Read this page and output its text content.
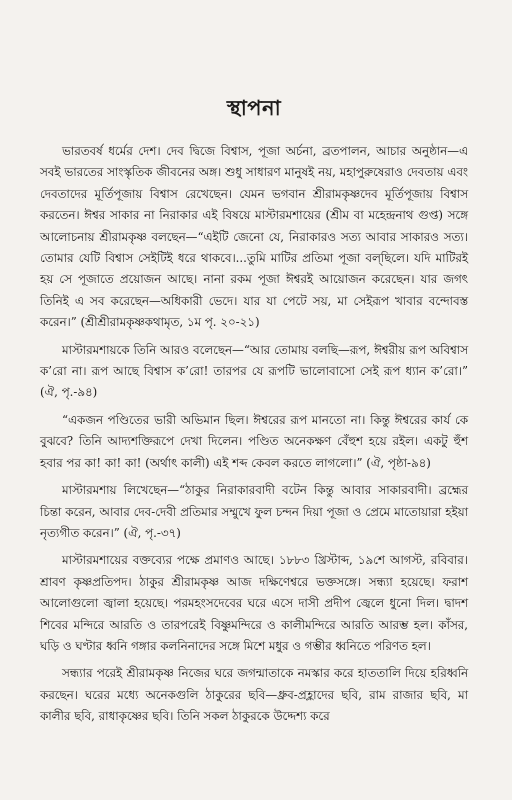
স্থাপনা

ভারতবর্ষ ধর্মের দেশ। দেব দ্বিজে বিশ্বাস, পূজা অর্চনা, ব্রতপালন, আচার অনুষ্ঠান—এ সবই ভারতের সাংস্কৃতিক জীবনের অঙ্গ। শুধু সাধারণ মানুষই নয়, মহাপুরুষেরাও দেবতায় এবং দেবতাদের মূর্তিপূজায় বিশ্বাস রেখেছেন। যেমন ভগবান শ্রীরামকৃষ্ণদেব মূর্তিপূজায় বিশ্বাস করতেন। ঈশ্বর সাকার না নিরাকার এই বিষয়ে মাস্টারমশায়ের (শ্রীম বা মহেন্দ্রনাথ গুপ্ত) সঙ্গে আলোচনায় শ্রীরামকৃষ্ণ বলছেন—“এইটি জেনো যে, নিরাকারও সত্য আবার সাকারও সত্য। তোমার যেটি বিশ্বাস সেইটিই ধরে থাকবে।...তুমি মাটির প্রতিমা পূজা বল্‌ছিলে। যদি মাটিরই হয় সে পূজাতে প্রয়োজন আছে। নানা রকম পূজা ঈশ্বরই আয়োজন করেছেন। যার জগৎ তিনিই এ সব করেছেন—অধিকারী ভেদে। যার যা পেটে সয়, মা সেইরূপ খাবার বন্দোবস্ত করেন।” (শ্রীশ্রীরামকৃষ্ণকথামৃত, ১ম পৃ. ২০-২১)

মাস্টারমশায়কে তিনি আরও বলেছেন—“আর তোমায় বলছি—রূপ, ঈশ্বরীয় রূপ অবিশ্বাস ক’রো না। রূপ আছে বিশ্বাস ক’রো! তারপর যে রূপটি ভালোবাসো সেই রূপ ধ্যান ক’রো।” (ঐ, পৃ.-৯৪)

“একজন পণ্ডিতের ভারী অভিমান ছিল। ঈশ্বরের রূপ মানতো না। কিন্তু ঈশ্বরের কার্য কে বুঝবে? তিনি আদ্যশক্তিরূপে দেখা দিলেন। পণ্ডিত অনেকক্ষণ বেঁহুশ হয়ে রইল। একটু হুঁশ হবার পর কা! কা! কা! (অর্থাৎ কালী) এই শব্দ কেবল করতে লাগলো।” (ঐ, পৃষ্ঠা-৯৪)

মাস্টারমশায় লিখেছেন—“ঠাকুর নিরাকারবাদী বটেন কিন্তু আবার সাকারবাদী। ব্রহ্মের চিন্তা করেন, আবার দেব-দেবী প্রতিমার সম্মুখে ফুল চন্দন দিয়া পূজা ও প্রেমে মাতোয়ারা হইয়া নৃত্যগীত করেন।” (ঐ, পৃ.-৩৭)

মাস্টারমশায়ের বক্তব্যের পক্ষে প্রমাণও আছে। ১৮৮৩ খ্রিস্টাব্দ, ১৯শে আগস্ট, রবিবার। শ্রাবণ কৃষ্ণপ্রতিপদ। ঠাকুর শ্রীরামকৃষ্ণ আজ দক্ষিণেশ্বরে ভক্তসঙ্গে। সন্ধ্যা হয়েছে। ফরাশ আলোগুলো জ্বালা হয়েছে। পরমহংসদেবের ঘরে এসে দাসী প্রদীপ জ্বেলে ধুনো দিল। দ্বাদশ শিবের মন্দিরে আরতি ও তারপরেই বিষ্ণুমন্দিরে ও কালীমন্দিরে আরতি আরম্ভ হল। কাঁসর, ঘড়ি ও ঘণ্টার ধ্বনি গঙ্গার কলনিনাদের সঙ্গে মিশে মধুর ও গম্ভীর ধ্বনিতে পরিণত হল।

সন্ধ্যার পরেই শ্রীরামকৃষ্ণ নিজের ঘরে জগন্মাতাকে নমস্কার করে হাততালি দিয়ে হরিধ্বনি করছেন। ঘরের মধ্যে অনেকগুলি ঠাকুরের ছবি—ধ্রুব-প্রহ্লাদের ছবি, রাম রাজার ছবি, মা কালীর ছবি, রাধাকৃষ্ণের ছবি। তিনি সকল ঠাকুরকে উদ্দেশ্য করে
